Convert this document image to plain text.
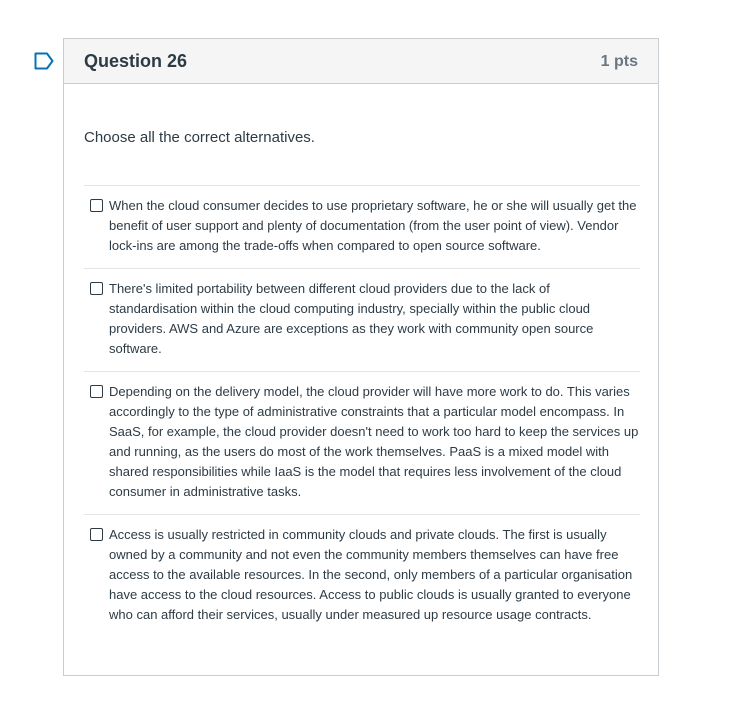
Question 26	1 pts
Choose all the correct alternatives.
When the cloud consumer decides to use proprietary software, he or she will usually get the benefit of user support and plenty of documentation (from the user point of view). Vendor lock-ins are among the trade-offs when compared to open source software.
There's limited portability between different cloud providers due to the lack of standardisation within the cloud computing industry, specially within the public cloud providers. AWS and Azure are exceptions as they work with community open source software.
Depending on the delivery model, the cloud provider will have more work to do. This varies accordingly to the type of administrative constraints that a particular model encompass. In SaaS, for example, the cloud provider doesn't need to work too hard to keep the services up and running, as the users do most of the work themselves. PaaS is a mixed model with shared responsibilities while IaaS is the model that requires less involvement of the cloud consumer in administrative tasks.
Access is usually restricted in community clouds and private clouds. The first is usually owned by a community and not even the community members themselves can have free access to the available resources. In the second, only members of a particular organisation have access to the cloud resources. Access to public clouds is usually granted to everyone who can afford their services, usually under measured up resource usage contracts.
